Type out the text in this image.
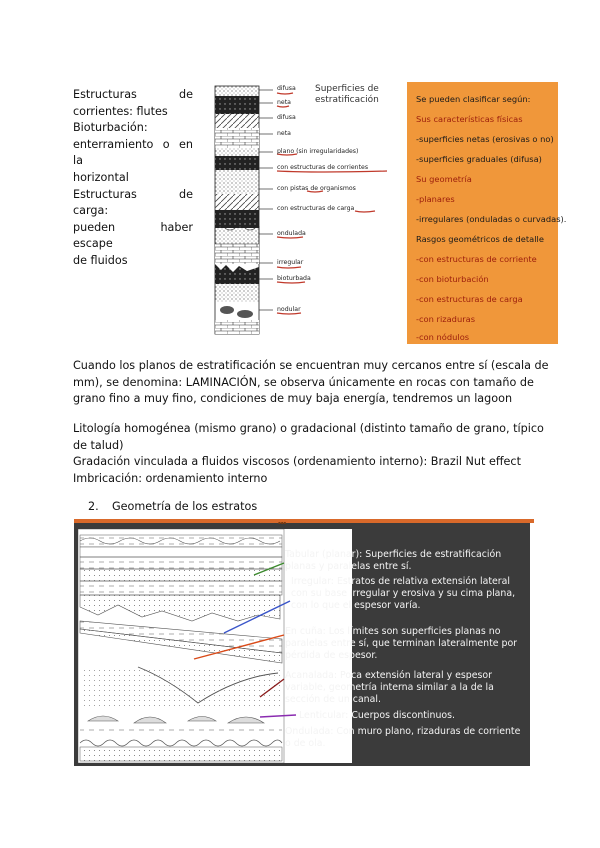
Estructuras	de
corrientes: flutes
Bioturbación:
enterramiento o en la
horizontal
Estructuras de carga:
pueden haber escape
de fluidos
Superficies de
estratificación
difusa
neta
difusa
neta
plano (sin irregularidades)
con estructuras de corrientes
con pistas de organismos
con estructuras de carga
ondulada
irregular
bioturbada
nodular
Se pueden clasificar según:
Sus características físicas
-superficies netas (erosivas o no)
-superficies graduales (difusa)
Su geometría
-planares
-irregulares (onduladas o curvadas).
Rasgos geométricos de detalle
-con estructuras de corriente
-con bioturbación
-con estructuras de carga
-con rizaduras
-con nódulos
Cuando los planos de estratificación se encuentran muy cercanos entre sí (escala de
mm), se denomina: LAMINACIÓN, se observa únicamente en rocas con tamaño de
grano fino a muy fino, condiciones de muy baja energía, tendremos un lagoon
Litología homogénea (mismo grano) o gradacional (distinto tamaño de grano, típico
de talud)
Gradación vinculada a fluidos viscosos (ordenamiento interno): Brazil Nut effect
Imbricación: ordenamiento interno
2. Geometría de los estratos
▪▪▪
Tabular (planar): Superficies de estratificación
planas y paralelas entre sí.
Irregular: Estratos de relativa extensión lateral
con su base irregular y erosiva y su cima plana,
con lo que el espesor varía.
En cuña: Los límites son superficies planas no
paralelas entre sí, que terminan lateralmente por
pérdida de espesor.
Acanalada: Poca extensión lateral y espesor
variable, geometría interna similar a la de la
sección de un canal.
Lenticular: Cuerpos discontinuos.
Ondulada: Con muro plano, rizaduras de corriente
o de ola.
